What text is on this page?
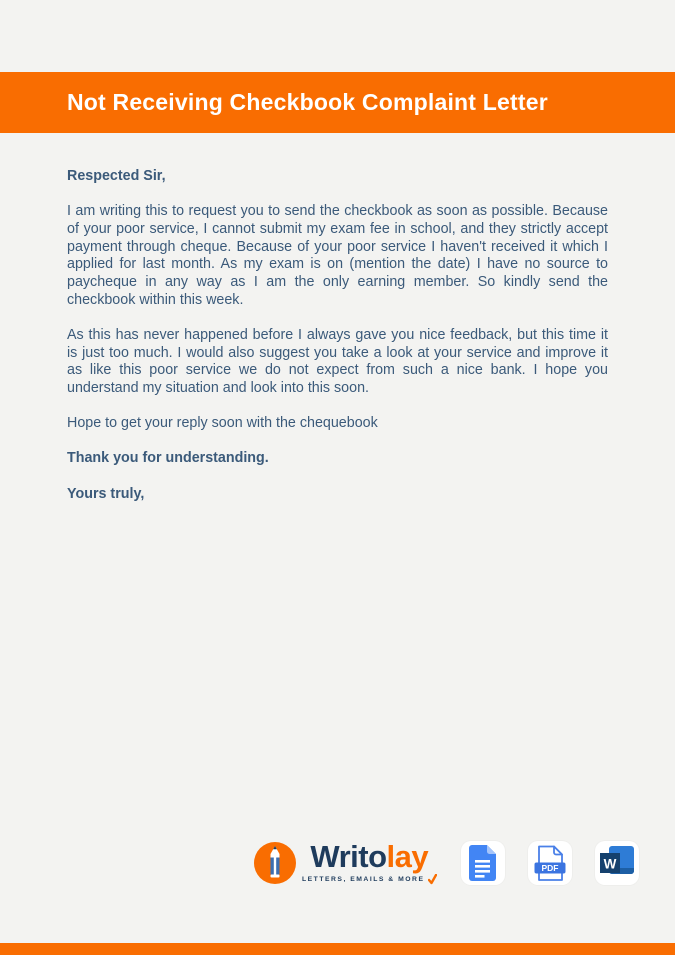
Not Receiving Checkbook Complaint Letter

Respected Sir,

I am writing this to request you to send the checkbook as soon as possible. Because of your poor service, I cannot submit my exam fee in school, and they strictly accept payment through cheque. Because of your poor service I haven't received it which I applied for last month. As my exam is on (mention the date) I have no source to paycheque in any way as I am the only earning member. So kindly send the checkbook within this week.

As this has never happened before I always gave you nice feedback, but this time it is just too much. I would also suggest you take a look at your service and improve it as like this poor service we do not expect from such a nice bank. I hope you understand my situation and look into this soon.

Hope to get your reply soon with the chequebook

Thank you for understanding.

Yours truly,

Writolay
LETTERS, EMAILS & MORE
PDF	W
